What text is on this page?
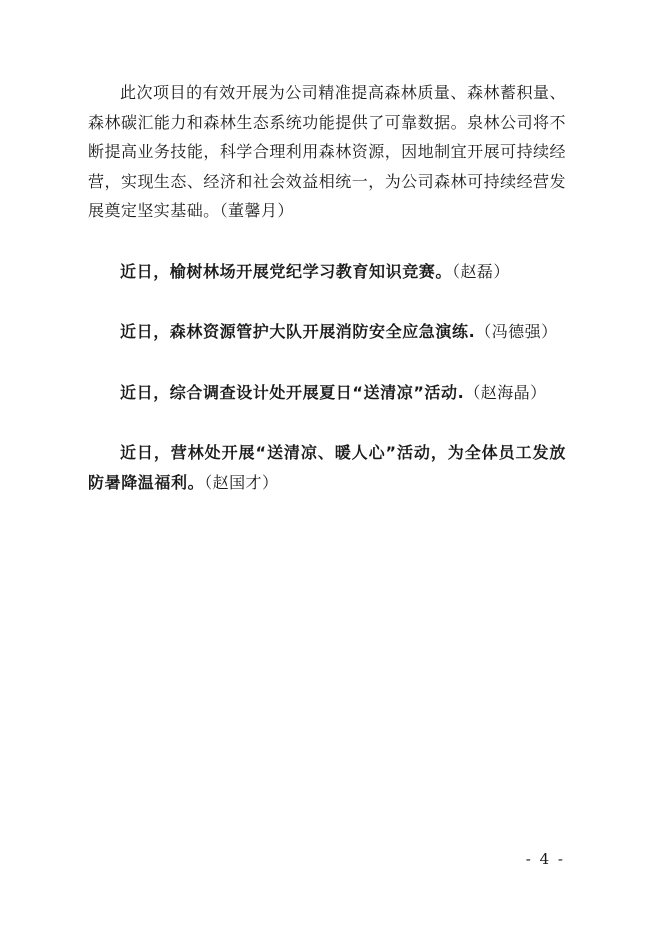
此次项目的有效开展为公司精准提高森林质量、森林蓄积量、森林碳汇能力和森林生态系统功能提供了可靠数据。泉林公司将不断提高业务技能，科学合理利用森林资源，因地制宜开展可持续经营，实现生态、经济和社会效益相统一，为公司森林可持续经营发展奠定坚实基础。（董馨月）

近日，榆树林场开展党纪学习教育知识竞赛。（赵磊）

近日，森林资源管护大队开展消防安全应急演练.（冯德强）

近日，综合调查设计处开展夏日“送清凉”活动.（赵海晶）

近日，营林处开展“送清凉、暖人心”活动，为全体员工发放防暑降温福利。（赵国才）

- 4 -
